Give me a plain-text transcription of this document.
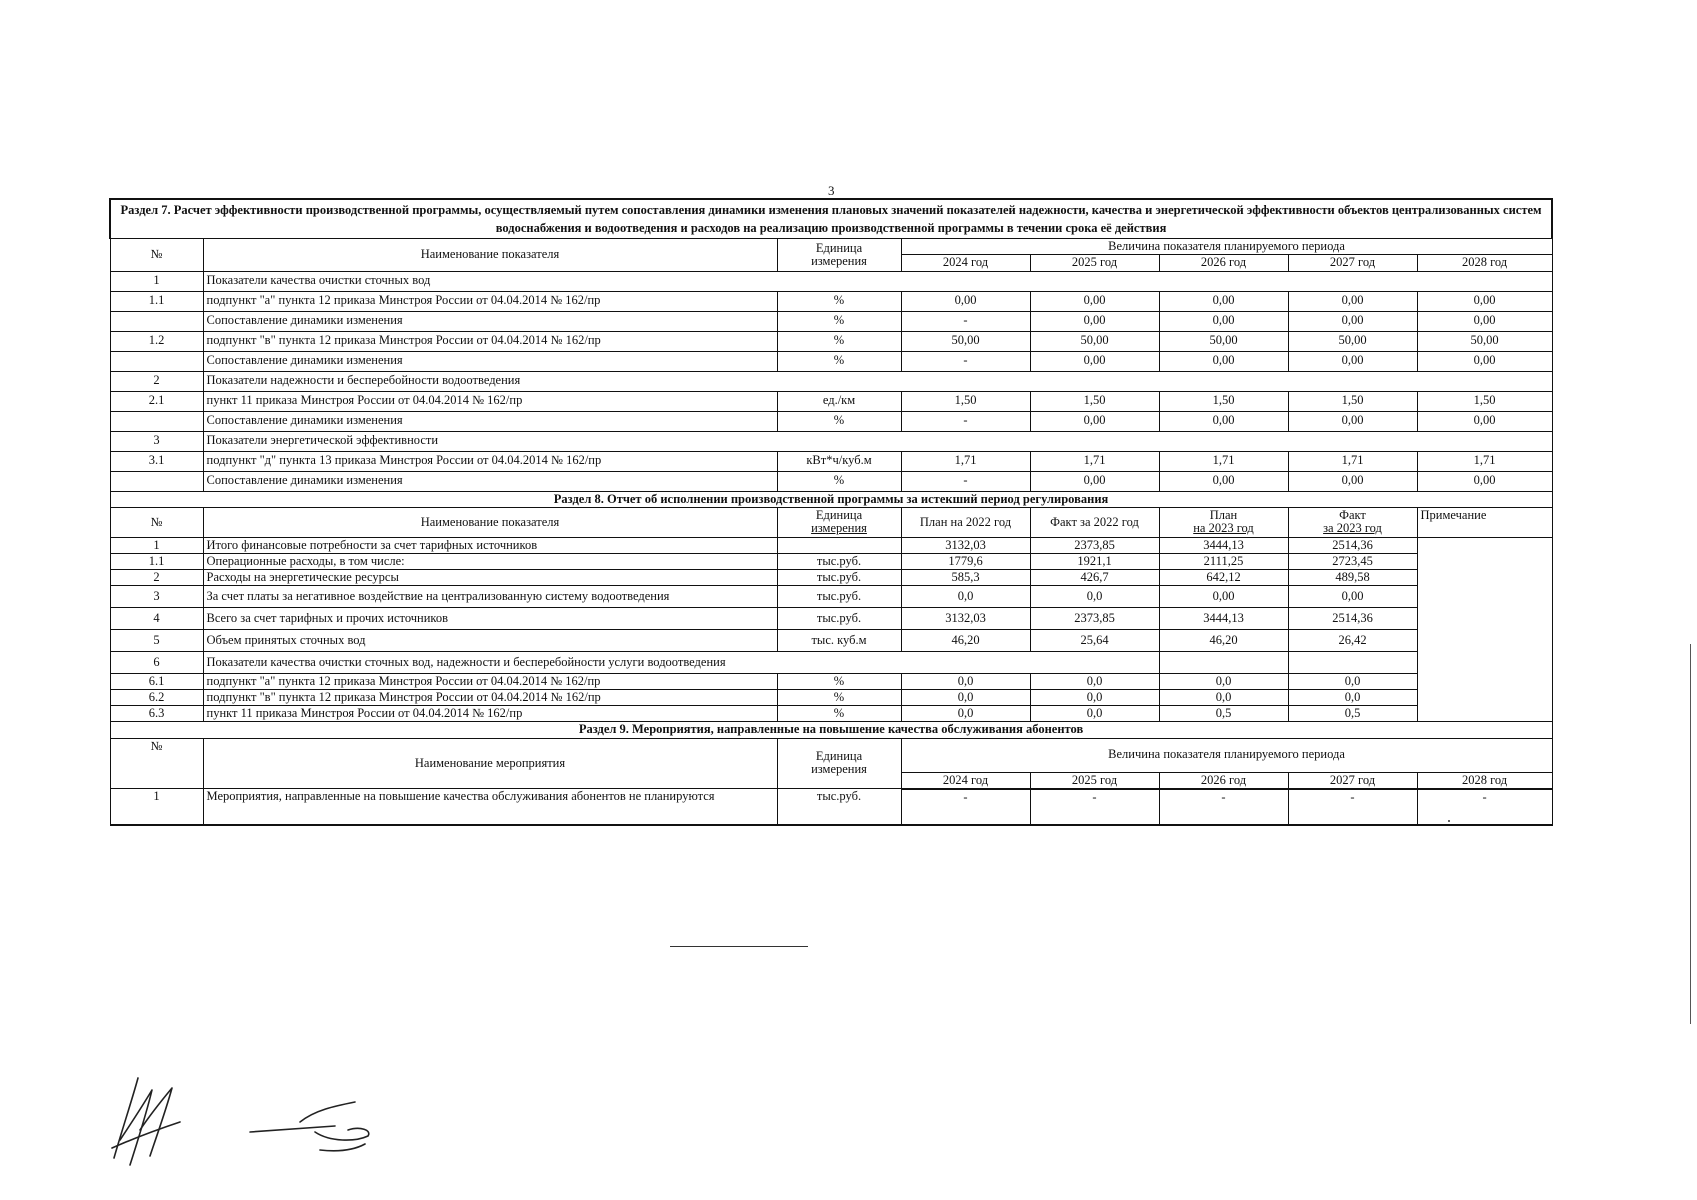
3
Раздел 7. Расчет эффективности производственной программы, осуществляемый путем сопоставления динамики изменения плановых значений показателей надежности, качества и энергетической эффективности объектов централизованных систем водоснабжения и водоотведения и расходов на реализацию производственной программы в течении срока её действия							
№	Наименование показателя	Единица
измерения	Величина показателя планируемого периода				
			2024 год	2025 год	2026 год	2027 год	2028 год
1	Показатели качества очистки сточных вод						
1.1	подпункт "а" пункта 12 приказа Минстроя России от 04.04.2014 № 162/пр	%	0,00	0,00	0,00	0,00	0,00
	Сопоставление динамики изменения	%	-	0,00	0,00	0,00	0,00
1.2	подпункт "в" пункта 12 приказа Минстроя России от 04.04.2014 № 162/пр	%	50,00	50,00	50,00	50,00	50,00
	Сопоставление динамики изменения	%	-	0,00	0,00	0,00	0,00
2	Показатели надежности и бесперебойности водоотведения						
2.1	пункт 11 приказа Минстроя России от 04.04.2014 № 162/пр	ед./км	1,50	1,50	1,50	1,50	1,50
	Сопоставление динамики изменения	%	-	0,00	0,00	0,00	0,00
3	Показатели энергетической эффективности						
3.1	подпункт "д" пункта 13 приказа Минстроя России от 04.04.2014 № 162/пр	кВт*ч/куб.м	1,71	1,71	1,71	1,71	1,71
	Сопоставление динамики изменения	%	-	0,00	0,00	0,00	0,00
Раздел 8. Отчет об исполнении производственной программы за истекший период регулирования							
№	Наименование показателя	Единица
измерения	План на 2022 год	Факт за 2022 год	План
на 2023 год	Факт
за 2023 год	Примечание
1	Итого финансовые потребности за счет тарифных источников		3132,03	2373,85	3444,13	2514,36	
1.1	Операционные расходы, в том числе:	тыс.руб.	1779,6	1921,1	2111,25	2723,45	
2	Расходы на энергетические ресурсы	тыс.руб.	585,3	426,7	642,12	489,58	
3	За счет платы за негативное воздействие на централизованную систему водоотведения	тыс.руб.	0,0	0,0	0,00	0,00	
4	Всего за счет тарифных и прочих источников	тыс.руб.	3132,03	2373,85	3444,13	2514,36	
5	Объем принятых сточных вод	тыс. куб.м	46,20	25,64	46,20	26,42	
6	Показатели качества очистки сточных вод, надежности и бесперебойности услуги водоотведения						
6.1	подпункт "а" пункта 12 приказа Минстроя России от 04.04.2014 № 162/пр	%	0,0	0,0	0,0	0,0	
6.2	подпункт "в" пункта 12 приказа Минстроя России от 04.04.2014 № 162/пр	%	0,0	0,0	0,0	0,0	
6.3	пункт 11 приказа Минстроя России от 04.04.2014 № 162/пр	%	0,0	0,0	0,5	0,5	
Раздел 9. Мероприятия, направленные на повышение качества обслуживания абонентов							
№	Наименование мероприятия	Единица
измерения	Величина показателя планируемого периода				
			2024 год	2025 год	2026 год	2027 год	2028 год
1	Мероприятия, направленные на повышение качества обслуживания абонентов не планируются	тыс.руб.	-	-	-	-	-
